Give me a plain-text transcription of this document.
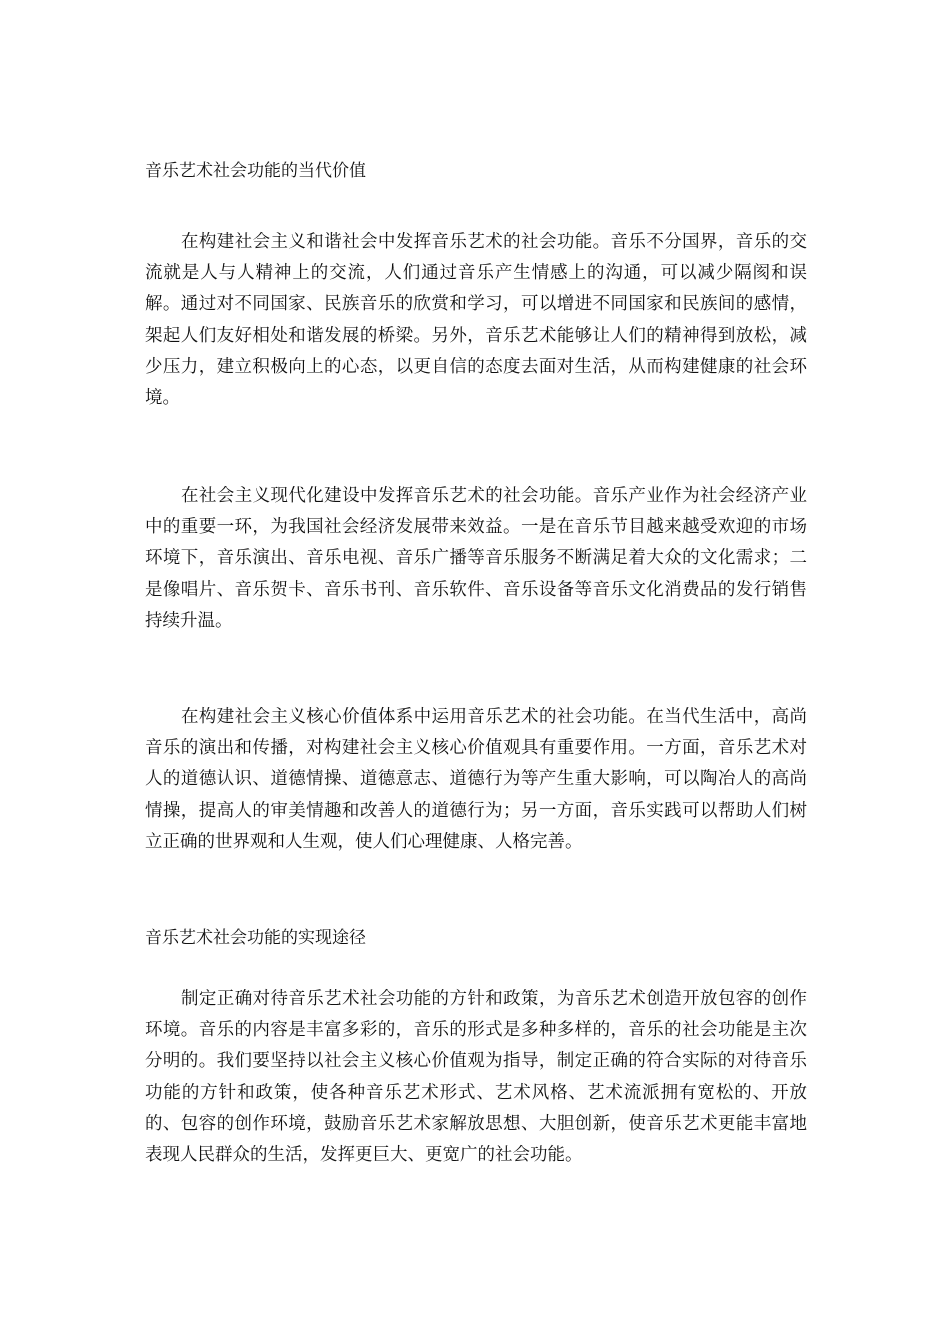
音乐艺术社会功能的当代价值
在构建社会主义和谐社会中发挥音乐艺术的社会功能。音乐不分国界，音乐的交流就是人与人精神上的交流，人们通过音乐产生情感上的沟通，可以减少隔阂和误解。通过对不同国家、民族音乐的欣赏和学习，可以增进不同国家和民族间的感情，架起人们友好相处和谐发展的桥梁。另外，音乐艺术能够让人们的精神得到放松，减少压力，建立积极向上的心态，以更自信的态度去面对生活，从而构建健康的社会环境。
在社会主义现代化建设中发挥音乐艺术的社会功能。音乐产业作为社会经济产业中的重要一环，为我国社会经济发展带来效益。一是在音乐节目越来越受欢迎的市场环境下，音乐演出、音乐电视、音乐广播等音乐服务不断满足着大众的文化需求；二是像唱片、音乐贺卡、音乐书刊、音乐软件、音乐设备等音乐文化消费品的发行销售持续升温。
在构建社会主义核心价值体系中运用音乐艺术的社会功能。在当代生活中，高尚音乐的演出和传播，对构建社会主义核心价值观具有重要作用。一方面，音乐艺术对人的道德认识、道德情操、道德意志、道德行为等产生重大影响，可以陶冶人的高尚情操，提高人的审美情趣和改善人的道德行为；另一方面，音乐实践可以帮助人们树立正确的世界观和人生观，使人们心理健康、人格完善。
音乐艺术社会功能的实现途径
制定正确对待音乐艺术社会功能的方针和政策，为音乐艺术创造开放包容的创作环境。音乐的内容是丰富多彩的，音乐的形式是多种多样的，音乐的社会功能是主次分明的。我们要坚持以社会主义核心价值观为指导，制定正确的符合实际的对待音乐功能的方针和政策，使各种音乐艺术形式、艺术风格、艺术流派拥有宽松的、开放的、包容的创作环境，鼓励音乐艺术家解放思想、大胆创新，使音乐艺术更能丰富地表现人民群众的生活，发挥更巨大、更宽广的社会功能。
